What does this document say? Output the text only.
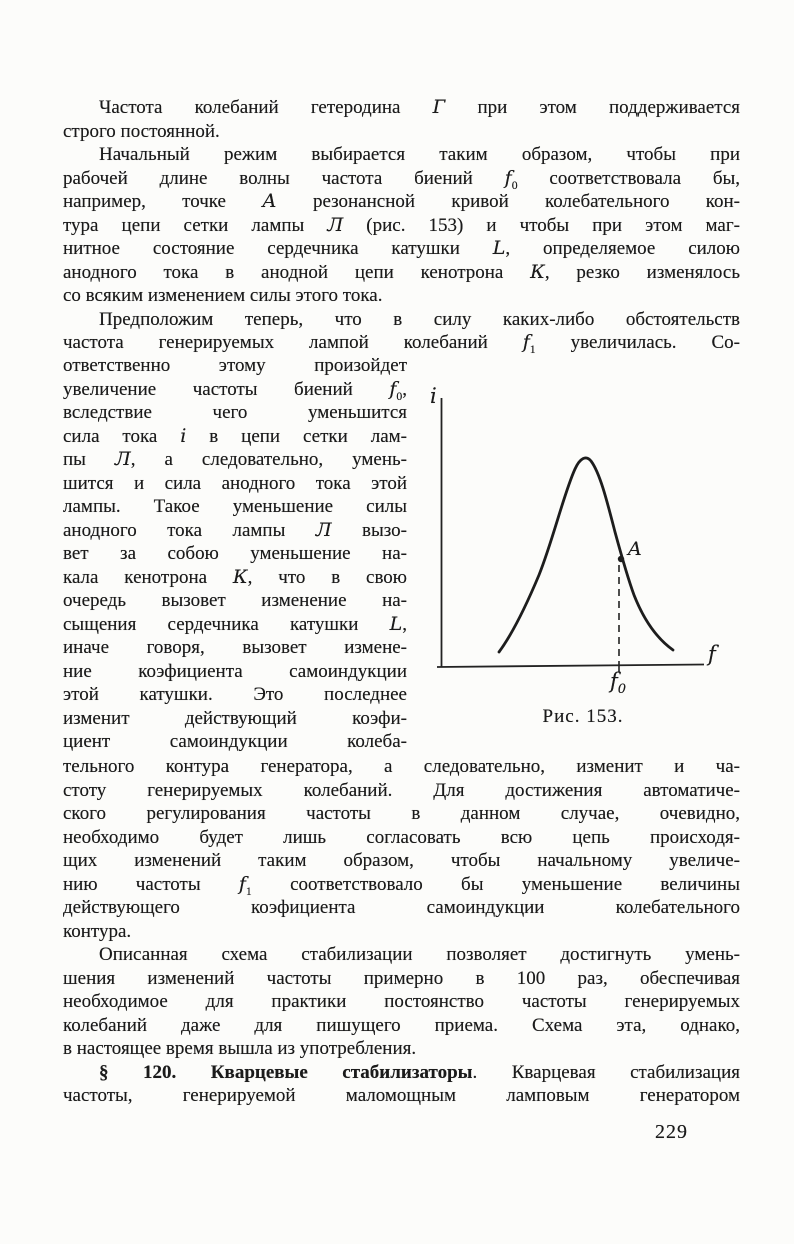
Частота колебаний гетеродина Г при этом поддерживается
строго постоянной.
Начальный режим выбирается таким образом, чтобы при
рабочей длине волны частота биений $f_0$ соответствовала бы,
например, точке А резонансной кривой колебательного кон-
тура цепи сетки лампы Л (рис. 153) и чтобы при этом маг-
нитное состояние сердечника катушки L, определяемое силою
анодного тока в анодной цепи кенотрона К, резко изменялось
со всяким изменением силы этого тока.
Предположим теперь, что в силу каких-либо обстоятельств
частота генерируемых лампой колебаний $f_1$ увеличилась. Со-
ответственно этому произойдет
увеличение частоты биений $f_0$,
вследствие чего уменьшится
сила тока i в цепи сетки лам-
пы Л, а следовательно, умень-
шится и сила анодного тока этой
лампы. Такое уменьшение силы
анодного тока лампы Л вызо-
вет за собою уменьшение на-
кала кенотрона К, что в свою
очередь вызовет изменение на-
сыщения сердечника катушки L,
иначе говоря, вызовет измене-
ние коэфициента самоиндукции
этой катушки. Это последнее
изменит действующий коэфи-
циент самоиндукции колеба-
тельного контура генератора, а следовательно, изменит и ча-
стоту генерируемых колебаний. Для достижения автоматиче-
ского регулирования частоты в данном случае, очевидно,
необходимо будет лишь согласовать всю цепь происходя-
щих изменений таким образом, чтобы начальному увеличе-
нию частоты $f_1$ соответствовало бы уменьшение величины
действующего коэфициента самоиндукции колебательного
контура.
Описанная схема стабилизации позволяет достигнуть умень-
шения изменений частоты примерно в 100 раз, обеспечивая
необходимое для практики постоянство частоты генерируемых
колебаний даже для пишущего приема. Схема эта, однако,
в настоящее время вышла из употребления.
§ 120. Кварцевые стабилизаторы. Кварцевая стабилизация
частоты, генерируемой маломощным ламповым генератором
i
f
A
$f_0$
Рис. 153.
229
